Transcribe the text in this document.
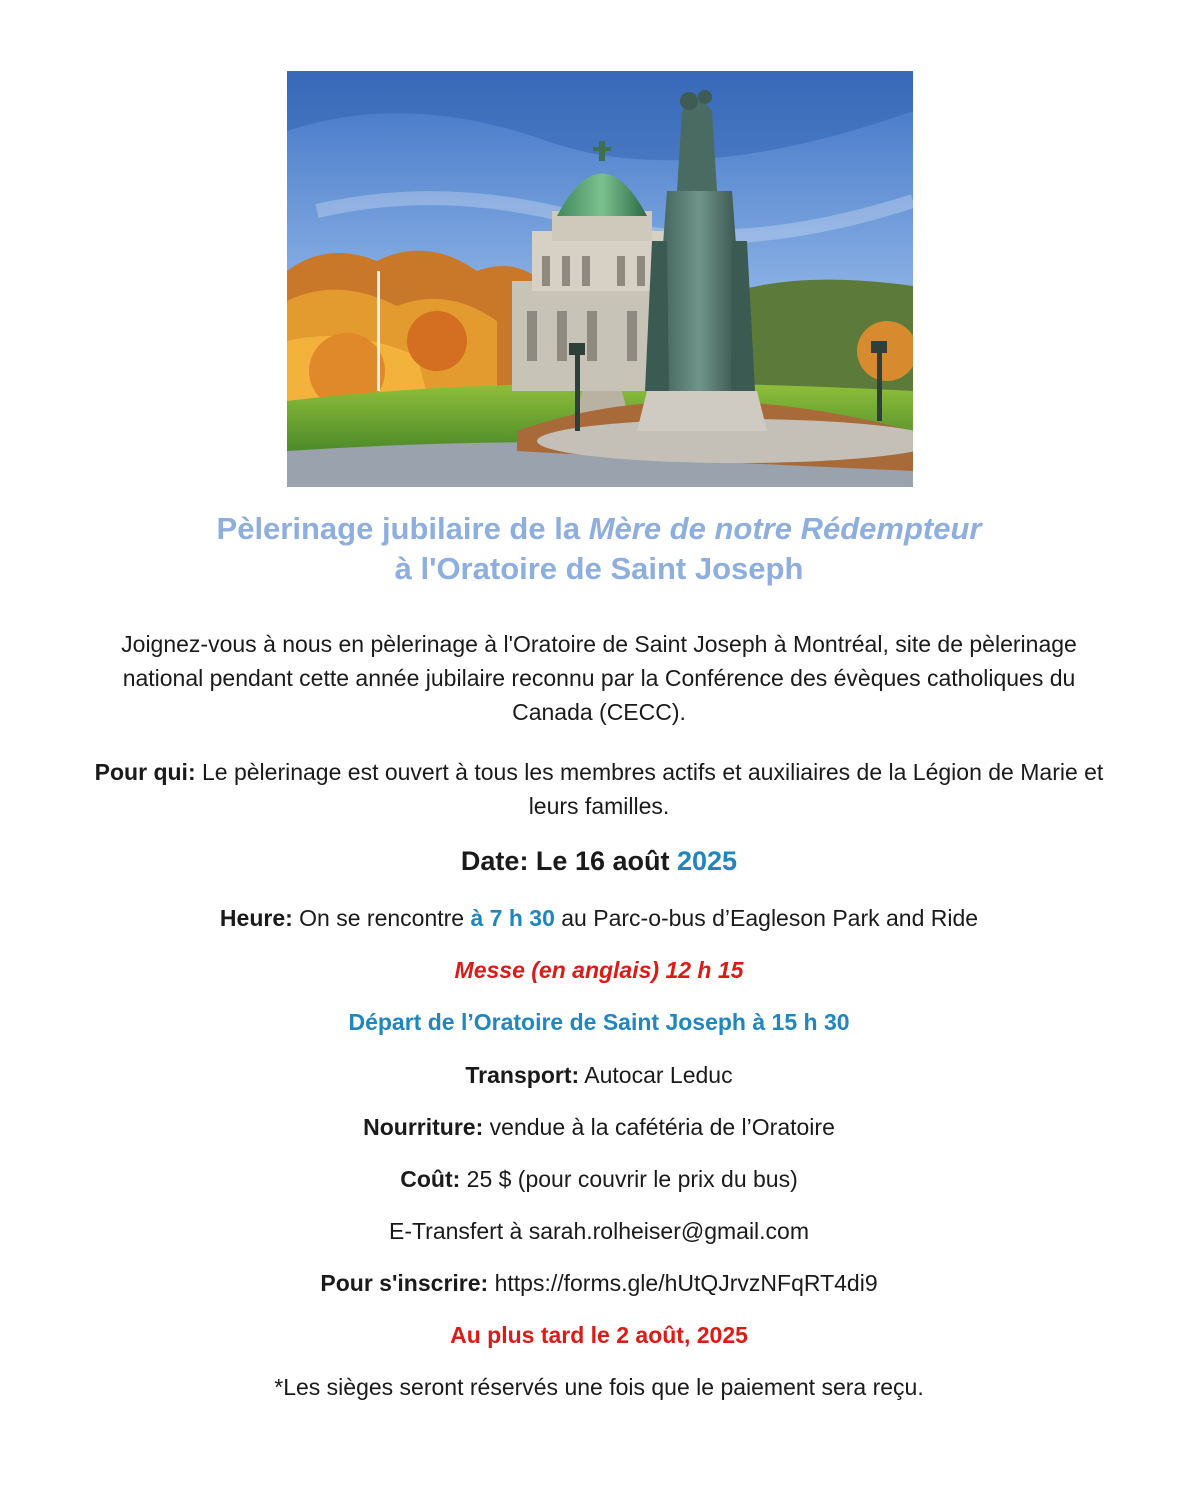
Pèlerinage jubilaire de la Mère de notre Rédempteur
à l'Oratoire de Saint Joseph
Joignez-vous à nous en pèlerinage à l'Oratoire de Saint Joseph à Montréal, site de pèlerinage national pendant cette année jubilaire reconnu par la Conférence des évèques catholiques du Canada (CECC).
Pour qui: Le pèlerinage est ouvert à tous les membres actifs et auxiliaires de la Légion de Marie et leurs familles.
Date: Le 16 août 2025
Heure: On se rencontre à 7 h 30 au Parc-o-bus d’Eagleson Park and Ride
Messe (en anglais) 12 h 15
Départ de l’Oratoire de Saint Joseph à 15 h 30
Transport: Autocar Leduc
Nourriture: vendue à la cafétéria de l’Oratoire
Coût: 25 $ (pour couvrir le prix du bus)
E-Transfert à sarah.rolheiser@gmail.com
Pour s'inscrire: https://forms.gle/hUtQJrvzNFqRT4di9
Au plus tard le 2 août, 2025
*Les sièges seront réservés une fois que le paiement sera reçu.
